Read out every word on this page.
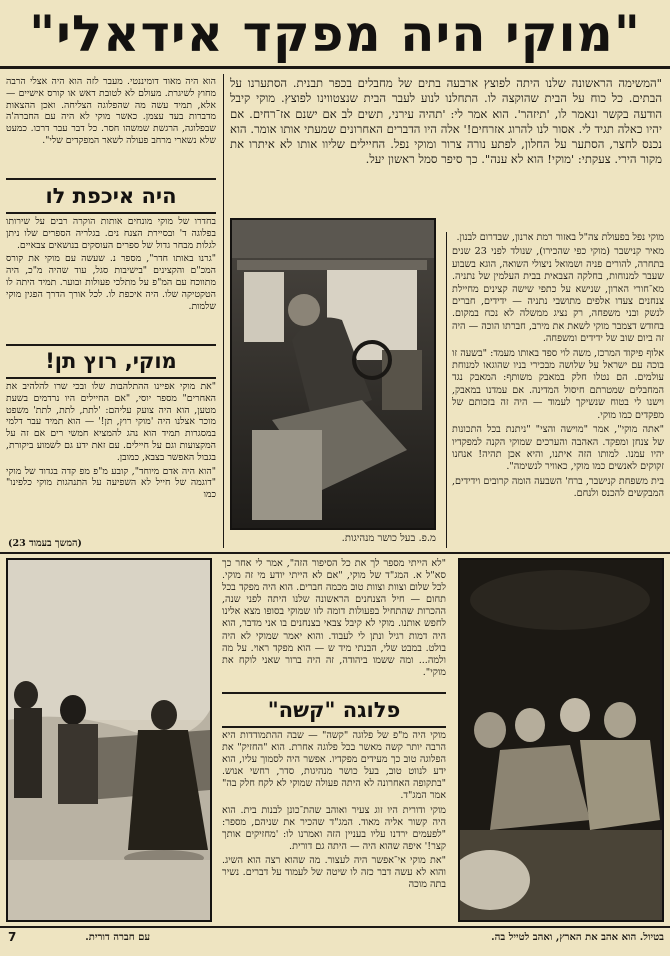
"מוקי היה מפקד אידאלי"

"המשימה הראשונה שלנו היתה לפוצץ ארבעה בתים של מחבלים בכפר תבנית. הסתערנו על הבתים. כל כוח על הבית שהוקצה לו. התחלנו לנוע לעבר הבית שנצטווינו לפוצץ. מוקי קיבל הודעה בקשר ונאמר לו, 'תיזהר'. הוא אמר לי: 'תהיה עירני, תשים לב אם ישנם אז־רחים. אם יהיו כאלה תגיד לי. אסור לנו להרוג אזרחים!' אלה היו הדברים האחרונים שמעתי אותו אומר. הוא נכנס לחצר, הסתער על החלון, לפתע נורה צרור ומוקי נפל. החיילים שליוו אותו לא איתרו את מקור הירי. צעקתי: 'מוקי! הוא לא ענה". כך סיפר סמל ראשון יעל.

מוקי נפל בפעולת צה"ל באזור רמת ארנון, שבדרום לבנון.

מאיר קנישבר (מוקי כפי שהכירו), שנולד לפני 23 שנים בתחרה, להורים פניה ושמואל ניצולי השואה, הוגא בשבוע שעבר למנוחות, בחלקה הצבאית בבית העלמין של נתניה. מא־חורי הארון, שנישא על כתפי שישה קצינים מחיילת צנחנים צעדו אלפים מתושבי נתניה — ידידים, חברים לנשק ובני משפחה, רק נציג ממשלה לא נכח במקום. בחודש דצמבר מוקי לשאת את מירב, חברתו הוכה — היה זה ביום שוב של ידידים ומשפחה.

אלוף פיקוד המרכז, משה לוי ספד באותו מעמד: "בשעה זו בוכה עם ישראל על שלושה מבכירי בניו שהוגאו למנוחת עולמים. הם נטלו חלק במאבק משותף: המאבק נגד המחבלים שמטרתם חיסול המדינה. אם עמדנו במאבק, וישנו לי בטוח שנשיקך לעמוד — היה זה בזכותם של מפקדים כמו מוקי.

"אתה מוקי", אמר "מוישה והצי" "ניתנת בכל התכונות של צנחן ומפקד. האהבה והערכים שמוקי הקנה למפקדיו יהיו עמנו. למותו הזה איתנו, והיא אכן תהיה! אנחנו זקוקים לאנשים כמו מוקי, כאוויר לנשימה".

בית משפחת קנישבר, ברח' השבעה הומה קרובים וידידים, המבקשים להכנס ולנחם.

הוא היה מאוד דומיננטי. מעבר לזה הוא היה אצלי הרבה מחוץ לשיגרת. מעולם לא לטובת דאש או קורס אישיים — אלא, תמיד עשה מה שהפלוגה הצליחה. ואכן ההצאות מדברות בעד עצמן. כאשר מוקי לא היה עם החברה'ה שבפלוגה, הרגשת שמשהו חסר. כל דבר עבר דרכו. כמעט שלא נשארי מרחב פעולה לשאר המפקדים שלי".

היה איכפת לו

בחדרו של מוקי מונחים אותות הוקרה רבים על שירותו בפלוגה ד' ובסיירת הצנח נים. בגלריה הספרים שלו ניתן לגלות מבחר גדול של ספרים העוסקים בנושאים צבאיים.

"גרנו באותו חדר", מספר נ. שעשה עם מוקי את קורס המכ"ם והקצינים "בישיבות סגל, עוד שהיה מ"כ, היה מתווכח עם המ"פ על מתלכי פעולות ובוער. תמיד היתה לו הטקטיקה שלו. היה איכפת לו. לכל אורך הדרך הפגין מוקי שלמות.

מוקי, רוץ תן!

"את מוקי אפיינו ההתלהבות שלו ובכי שרו להלהיב את האחרים" מספר יוסי, "אם החיילים היו נרדמים בשעת מטען, הוא היה צועק עליהם: 'לתת, לתת, לתת' משפט מוכר אצלנו היה 'מוקי רוץ, תן!' — הוא תמיד עבר דלמי במסגרות תמיד הוא נהג להמציא חמשי רים אם זה על המקצועות וגם על חיילים. עם זאת ידע גם לשמוע ביקורת, בגבול האפשר בצבא, כמובן.

"הוא היה אדם מיוחד", קובע מ"פ מפ קדה בגדוד של מוקי "דוגמה של חייל לא השפיעה על התנהגות מוקי כלפינו" כמו

(המשך בעמוד 23)	מ.פ. בעל כושר מנהיגות.

"לא הייתי מספר לך את כל הסיפור הזה", אמר לי אחר כך סא"ל א. המג"ד של מוקי, "אם לא הייתי יודע מי זה מוקי. לכל שלום וצוות וצוות טוב מכמה חברים. הוא היה מפקד בכל תחום — חיל הצנחנים הראשונה שלנו היתה לפני שנה, ההכרות שהתחיל בפעולות דומה לזו שמוקי בסופו מצא אלינו לחפש אותנו. מוקי לא קיבל צבאי בצנחנים בו אני מדבר, הוא היה דמות רגיל ונתן לי לעבוד. והוא יאמר שמוקי לא היה בולט. במבט שלי, הבנתי מיד ש — הוא מפקד ראוי. על מה ולמה... ומה ששמו ביהודה, זה היה ברור שאני לוקח את מוקי".

פלוגה "קשה"

מוקי היה מ"פ של פלוגה "קשה" — שבה ההתמודדות היא הרבה יותר קשה מאשר בכל פלוגה אחרת. הוא "החזיק" את הפלוגה טוב כך מעידים מפקדיו. אפשר היה לסמוך עליו, הוא ידע לנווט טוב, בעל כושר מנהיגות, סדר, רחשי אנוש. "בתקופה האחרונה לא היתה פעולה שמוקי לא לקח חלק בה" אמר המג"ד.

מוקי ודורית היו זוג צעיר ואוהב שהת־כונן לבנות בית. הוא היה קשור אליה מאוד. המג"ד שהכיר את שניהם, מספר: "לפעמים ירדנו עליו בעניין הזה ואמרנו לו: 'מחזיקים אותך קצר!' איפה שהוא היה — היתה גם דורית.

"את מוקי אי־אפשר היה לעצור. מה שהוא רצה הוא השיג. והוא לא עשה דבר כזה לו שיטה של לעמוד על דברים. נשיר בתה מוכה

עם חברה דורית.
7	בטיול. הוא אהב את הארץ, ואהב לטייל בה.
